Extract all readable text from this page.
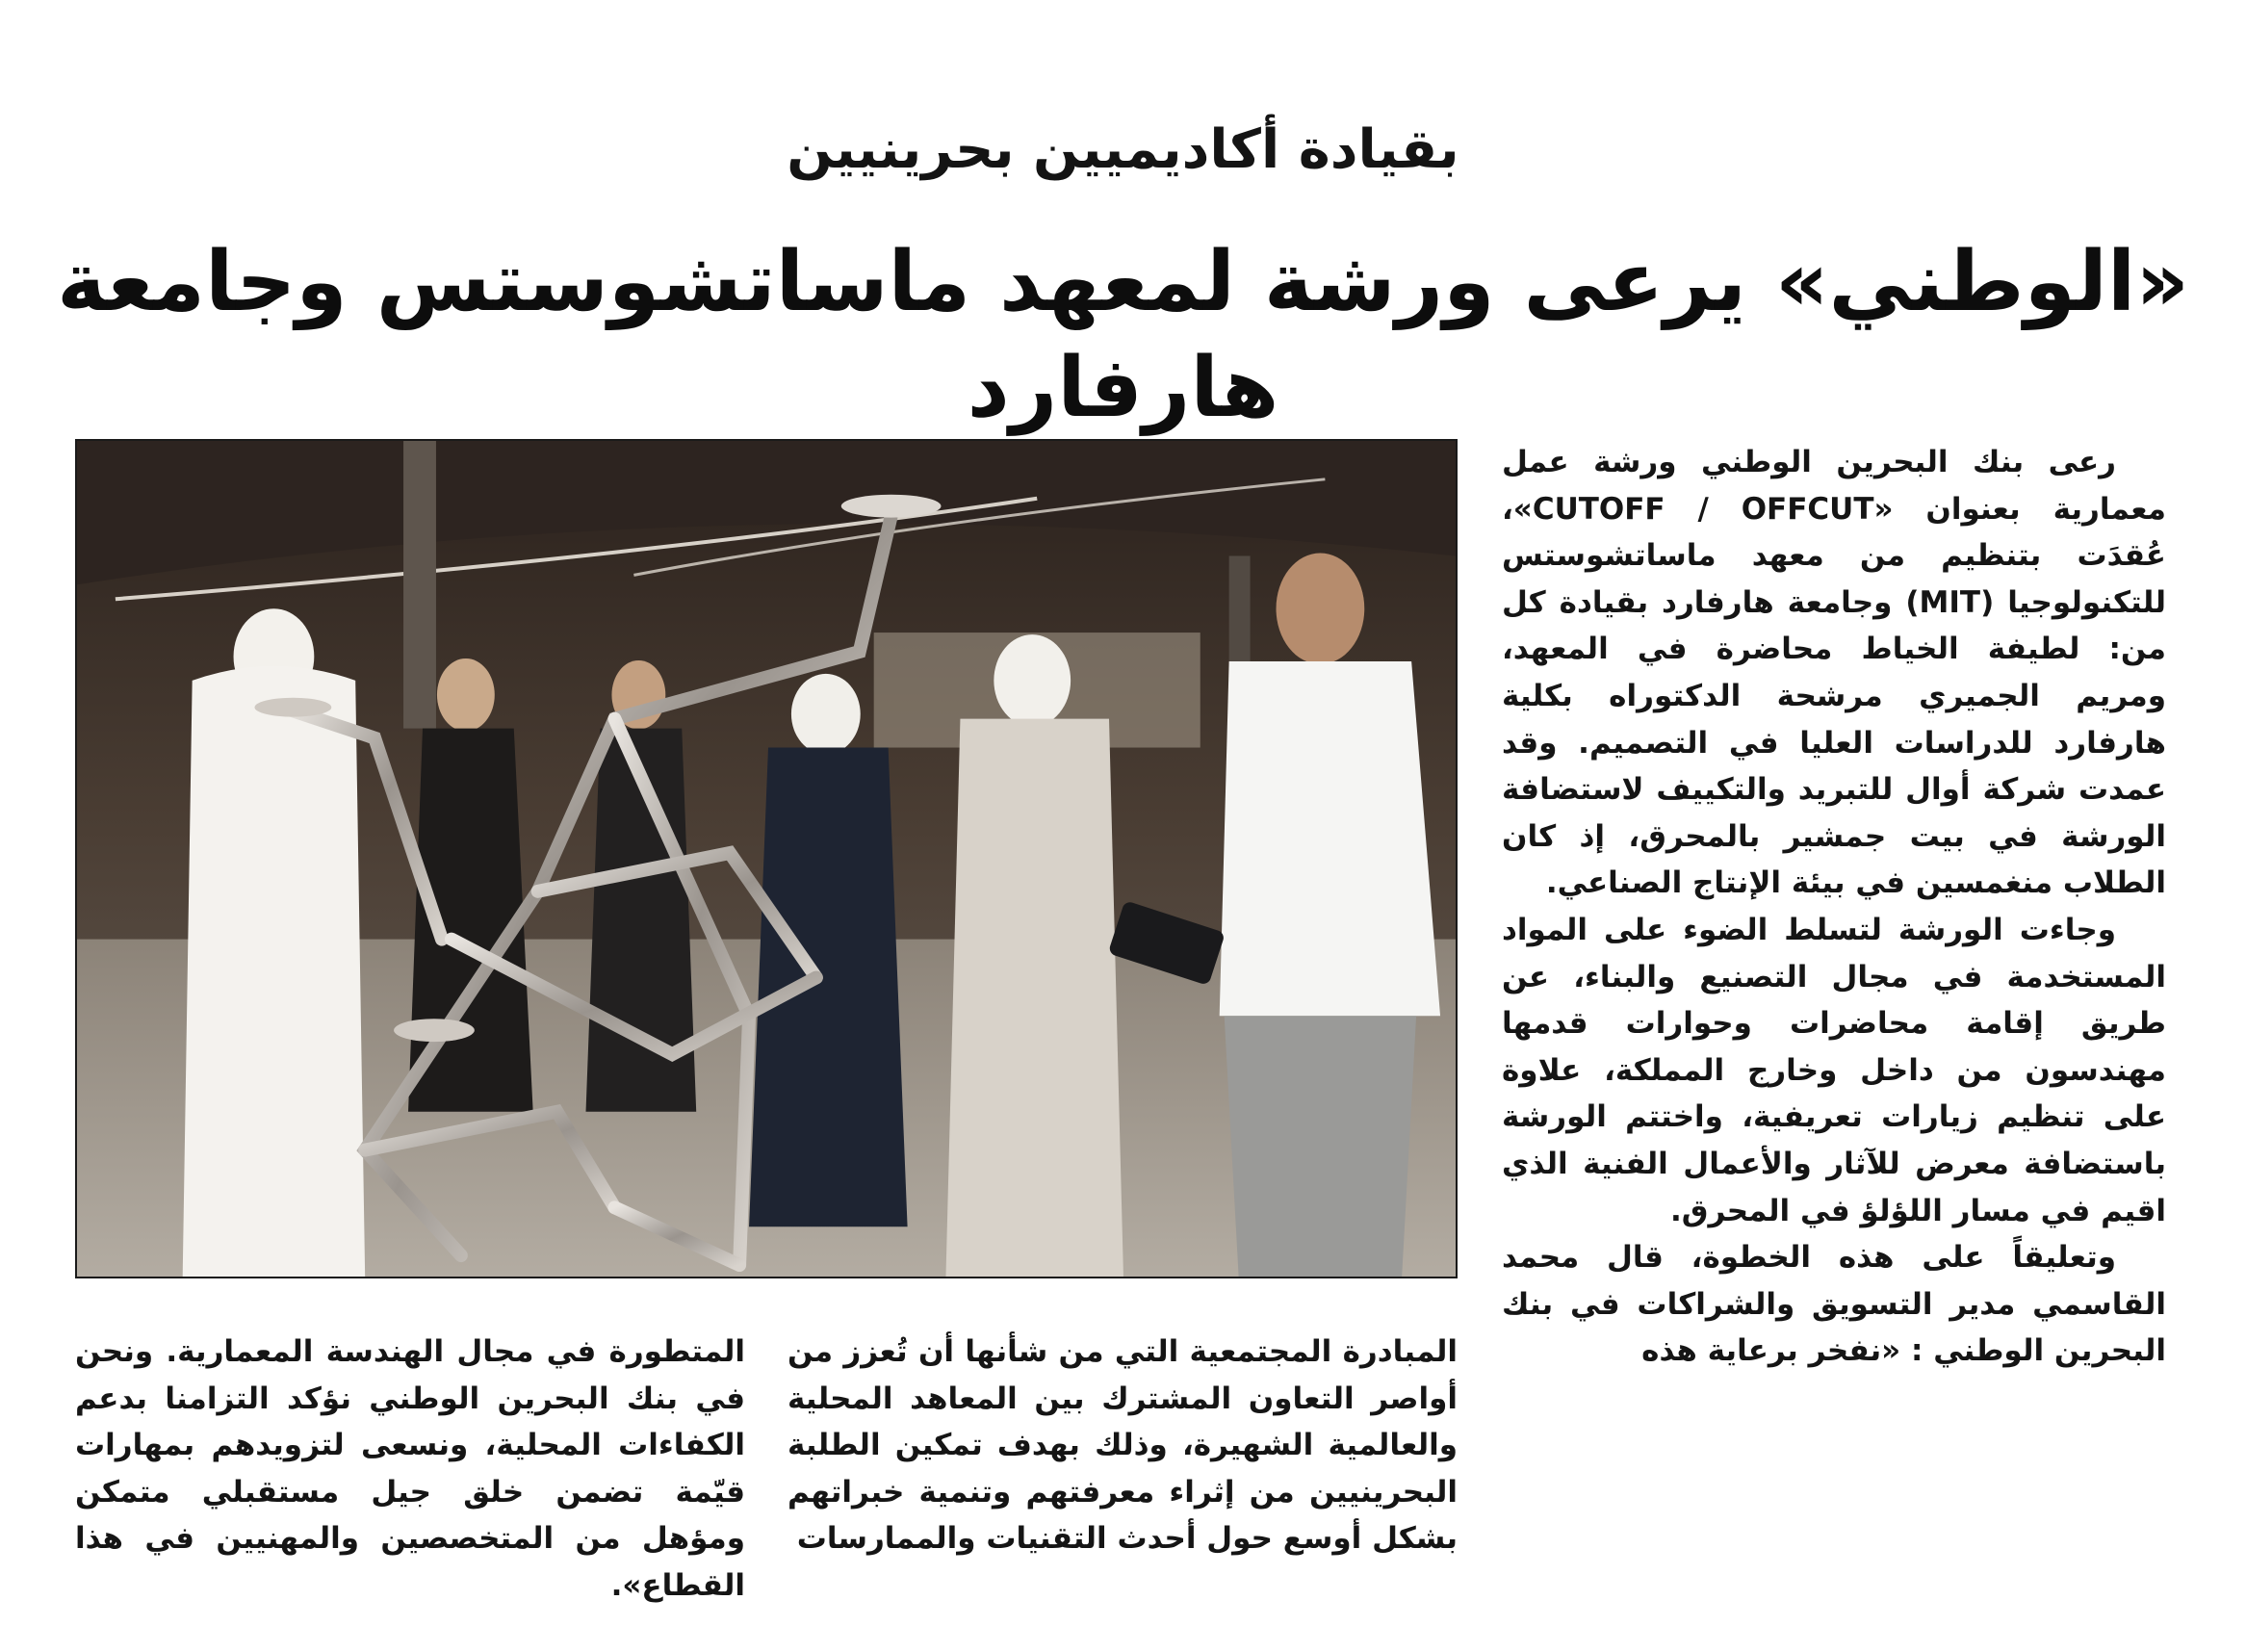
بقيادة أكاديميين بحرينيين
«الوطني» يرعى ورشة لمعهد ماساتشوستس وجامعة هارفارد

رعى بنك البحرين الوطني ورشة عمل معمارية بعنوان «CUTOFF / OFFCUT»، عُقدَت بتنظيم من معهد ماساتشوستس للتكنولوجيا (MIT) وجامعة هارفارد بقيادة كل من: لطيفة الخياط محاضرة في المعهد، ومريم الجميري مرشحة الدكتوراه بكلية هارفارد للدراسات العليا في التصميم. وقد عمدت شركة أوال للتبريد والتكييف لاستضافة الورشة في بيت جمشير بالمحرق، إذ كان الطلاب منغمسين في بيئة الإنتاج الصناعي.

وجاءت الورشة لتسلط الضوء على المواد المستخدمة في مجال التصنيع والبناء، عن طريق إقامة محاضرات وحوارات قدمها مهندسون من داخل وخارج المملكة، علاوة على تنظيم زيارات تعريفية، واختتم الورشة باستضافة معرض للآثار والأعمال الفنية الذي اقيم في مسار اللؤلؤ في المحرق.

وتعليقاً على هذه الخطوة، قال محمد القاسمي مدير التسويق والشراكات في بنك البحرين الوطني : «نفخر برعاية هذه

المبادرة المجتمعية التي من شأنها أن تُعزز من أواصر التعاون المشترك بين المعاهد المحلية والعالمية الشهيرة، وذلك بهدف تمكين الطلبة البحرينيين من إثراء معرفتهم وتنمية خبراتهم بشكل أوسع حول أحدث التقنيات والممارسات

المتطورة في مجال الهندسة المعمارية. ونحن في بنك البحرين الوطني نؤكد التزامنا بدعم الكفاءات المحلية، ونسعى لتزويدهم بمهارات قيّمة تضمن خلق جيل مستقبلي متمكن ومؤهل من المتخصصين والمهنيين في هذا القطاع».
